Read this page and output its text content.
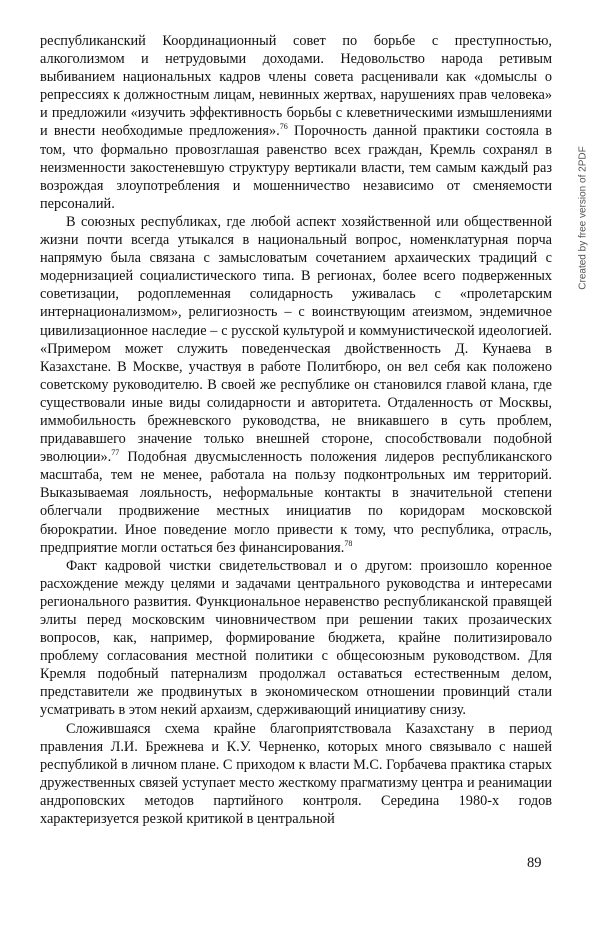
республиканский Координационный совет по борьбе с преступностью, алкоголизмом и нетрудовыми доходами. Недовольство народа ретивым выбиванием национальных кадров члены совета расценивали как «домыслы о репрессиях к должностным лицам, невинных жертвах, нарушениях прав человека» и предложили «изучить эффективность борьбы с клеветническими измышлениями и внести необходимые предложения».$^{76}$ Порочность данной практики состояла в том, что формально провозглашая равенство всех граждан, Кремль сохранял в неизменности закостеневшую структуру вертикали власти, тем самым каждый раз возрождая злоупотребления и мошенничество независимо от сменяемости персоналий.

В союзных республиках, где любой аспект хозяйственной или общественной жизни почти всегда утыкался в национальный вопрос, номенклатурная порча напрямую была связана с замысловатым сочетанием архаических традиций с модернизацией социалистического типа. В регионах, более всего подверженных советизации, родоплеменная солидарность уживалась с «пролетарским интернационализмом», религиозность – с воинствующим атеизмом, эндемичное цивилизационное наследие – с русской культурой и коммунистической идеологией. «Примером может служить поведенческая двойственность Д. Кунаева в Казахстане. В Москве, участвуя в работе Политбюро, он вел себя как положено советскому руководителю. В своей же республике он становился главой клана, где существовали иные виды солидарности и авторитета. Отдаленность от Москвы, иммобильность брежневского руководства, не вникавшего в суть проблем, придававшего значение только внешней стороне, способствовали подобной эволюции».$^{77}$ Подобная двусмысленность положения лидеров республиканского масштаба, тем не менее, работала на пользу подконтрольных им территорий. Выказываемая лояльность, неформальные контакты в значительной степени облегчали продвижение местных инициатив по коридорам московской бюрократии. Иное поведение могло привести к тому, что республика, отрасль, предприятие могли остаться без финансирования.$^{78}$

Факт кадровой чистки свидетельствовал и о другом: произошло коренное расхождение между целями и задачами центрального руководства и интересами регионального развития. Функциональное неравенство республиканской правящей элиты перед московским чиновничеством при решении таких прозаических вопросов, как, например, формирование бюджета, крайне политизировало проблему согласования местной политики с общесоюзным руководством. Для Кремля подобный патернализм продолжал оставаться естественным делом, представители же продвинутых в экономическом отношении провинций стали усматривать в этом некий архаизм, сдерживающий инициативу снизу.

Сложившаяся схема крайне благоприятствовала Казахстану в период правления Л.И. Брежнева и К.У. Черненко, которых много связывало с нашей республикой в личном плане. С приходом к власти М.С. Горбачева практика старых дружественных связей уступает место жесткому прагматизму центра и реанимации андроповских методов партийного контроля. Середина 1980-х годов характеризуется резкой критикой в центральной

89
Created by free version of 2PDF
